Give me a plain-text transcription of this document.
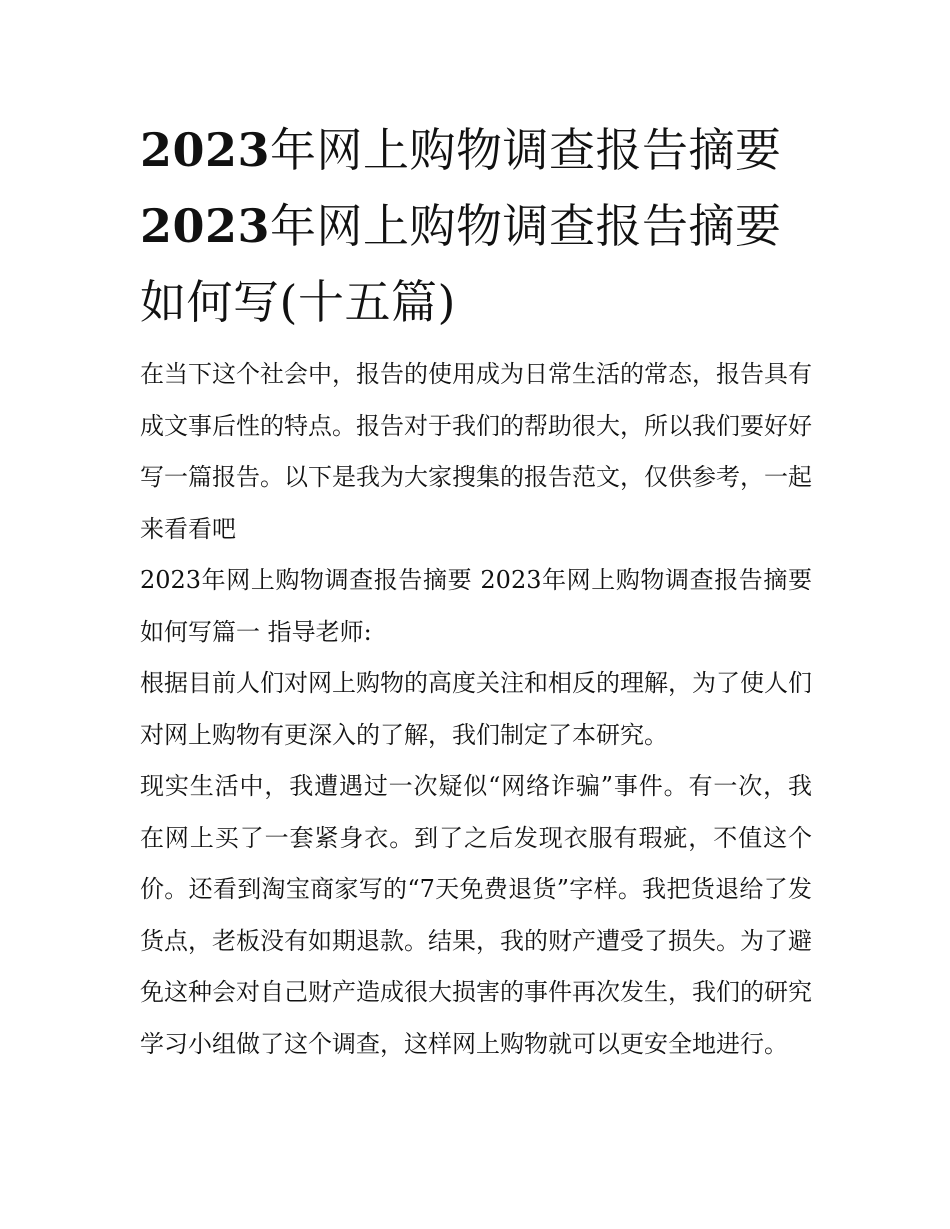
2023年网上购物调查报告摘要
2023年网上购物调查报告摘要
如何写(十五篇)

在当下这个社会中，报告的使用成为日常生活的常态，报告具有成文事后性的特点。报告对于我们的帮助很大，所以我们要好好写一篇报告。以下是我为大家搜集的报告范文，仅供参考，一起来看看吧

2023年网上购物调查报告摘要 2023年网上购物调查报告摘要如何写篇一 指导老师:

根据目前人们对网上购物的高度关注和相反的理解，为了使人们对网上购物有更深入的了解，我们制定了本研究。

现实生活中，我遭遇过一次疑似“网络诈骗”事件。有一次，我在网上买了一套紧身衣。到了之后发现衣服有瑕疵，不值这个价。还看到淘宝商家写的“7天免费退货”字样。我把货退给了发货点，老板没有如期退款。结果，我的财产遭受了损失。为了避免这种会对自己财产造成很大损害的事件再次发生，我们的研究学习小组做了这个调查，这样网上购物就可以更安全地进行。
